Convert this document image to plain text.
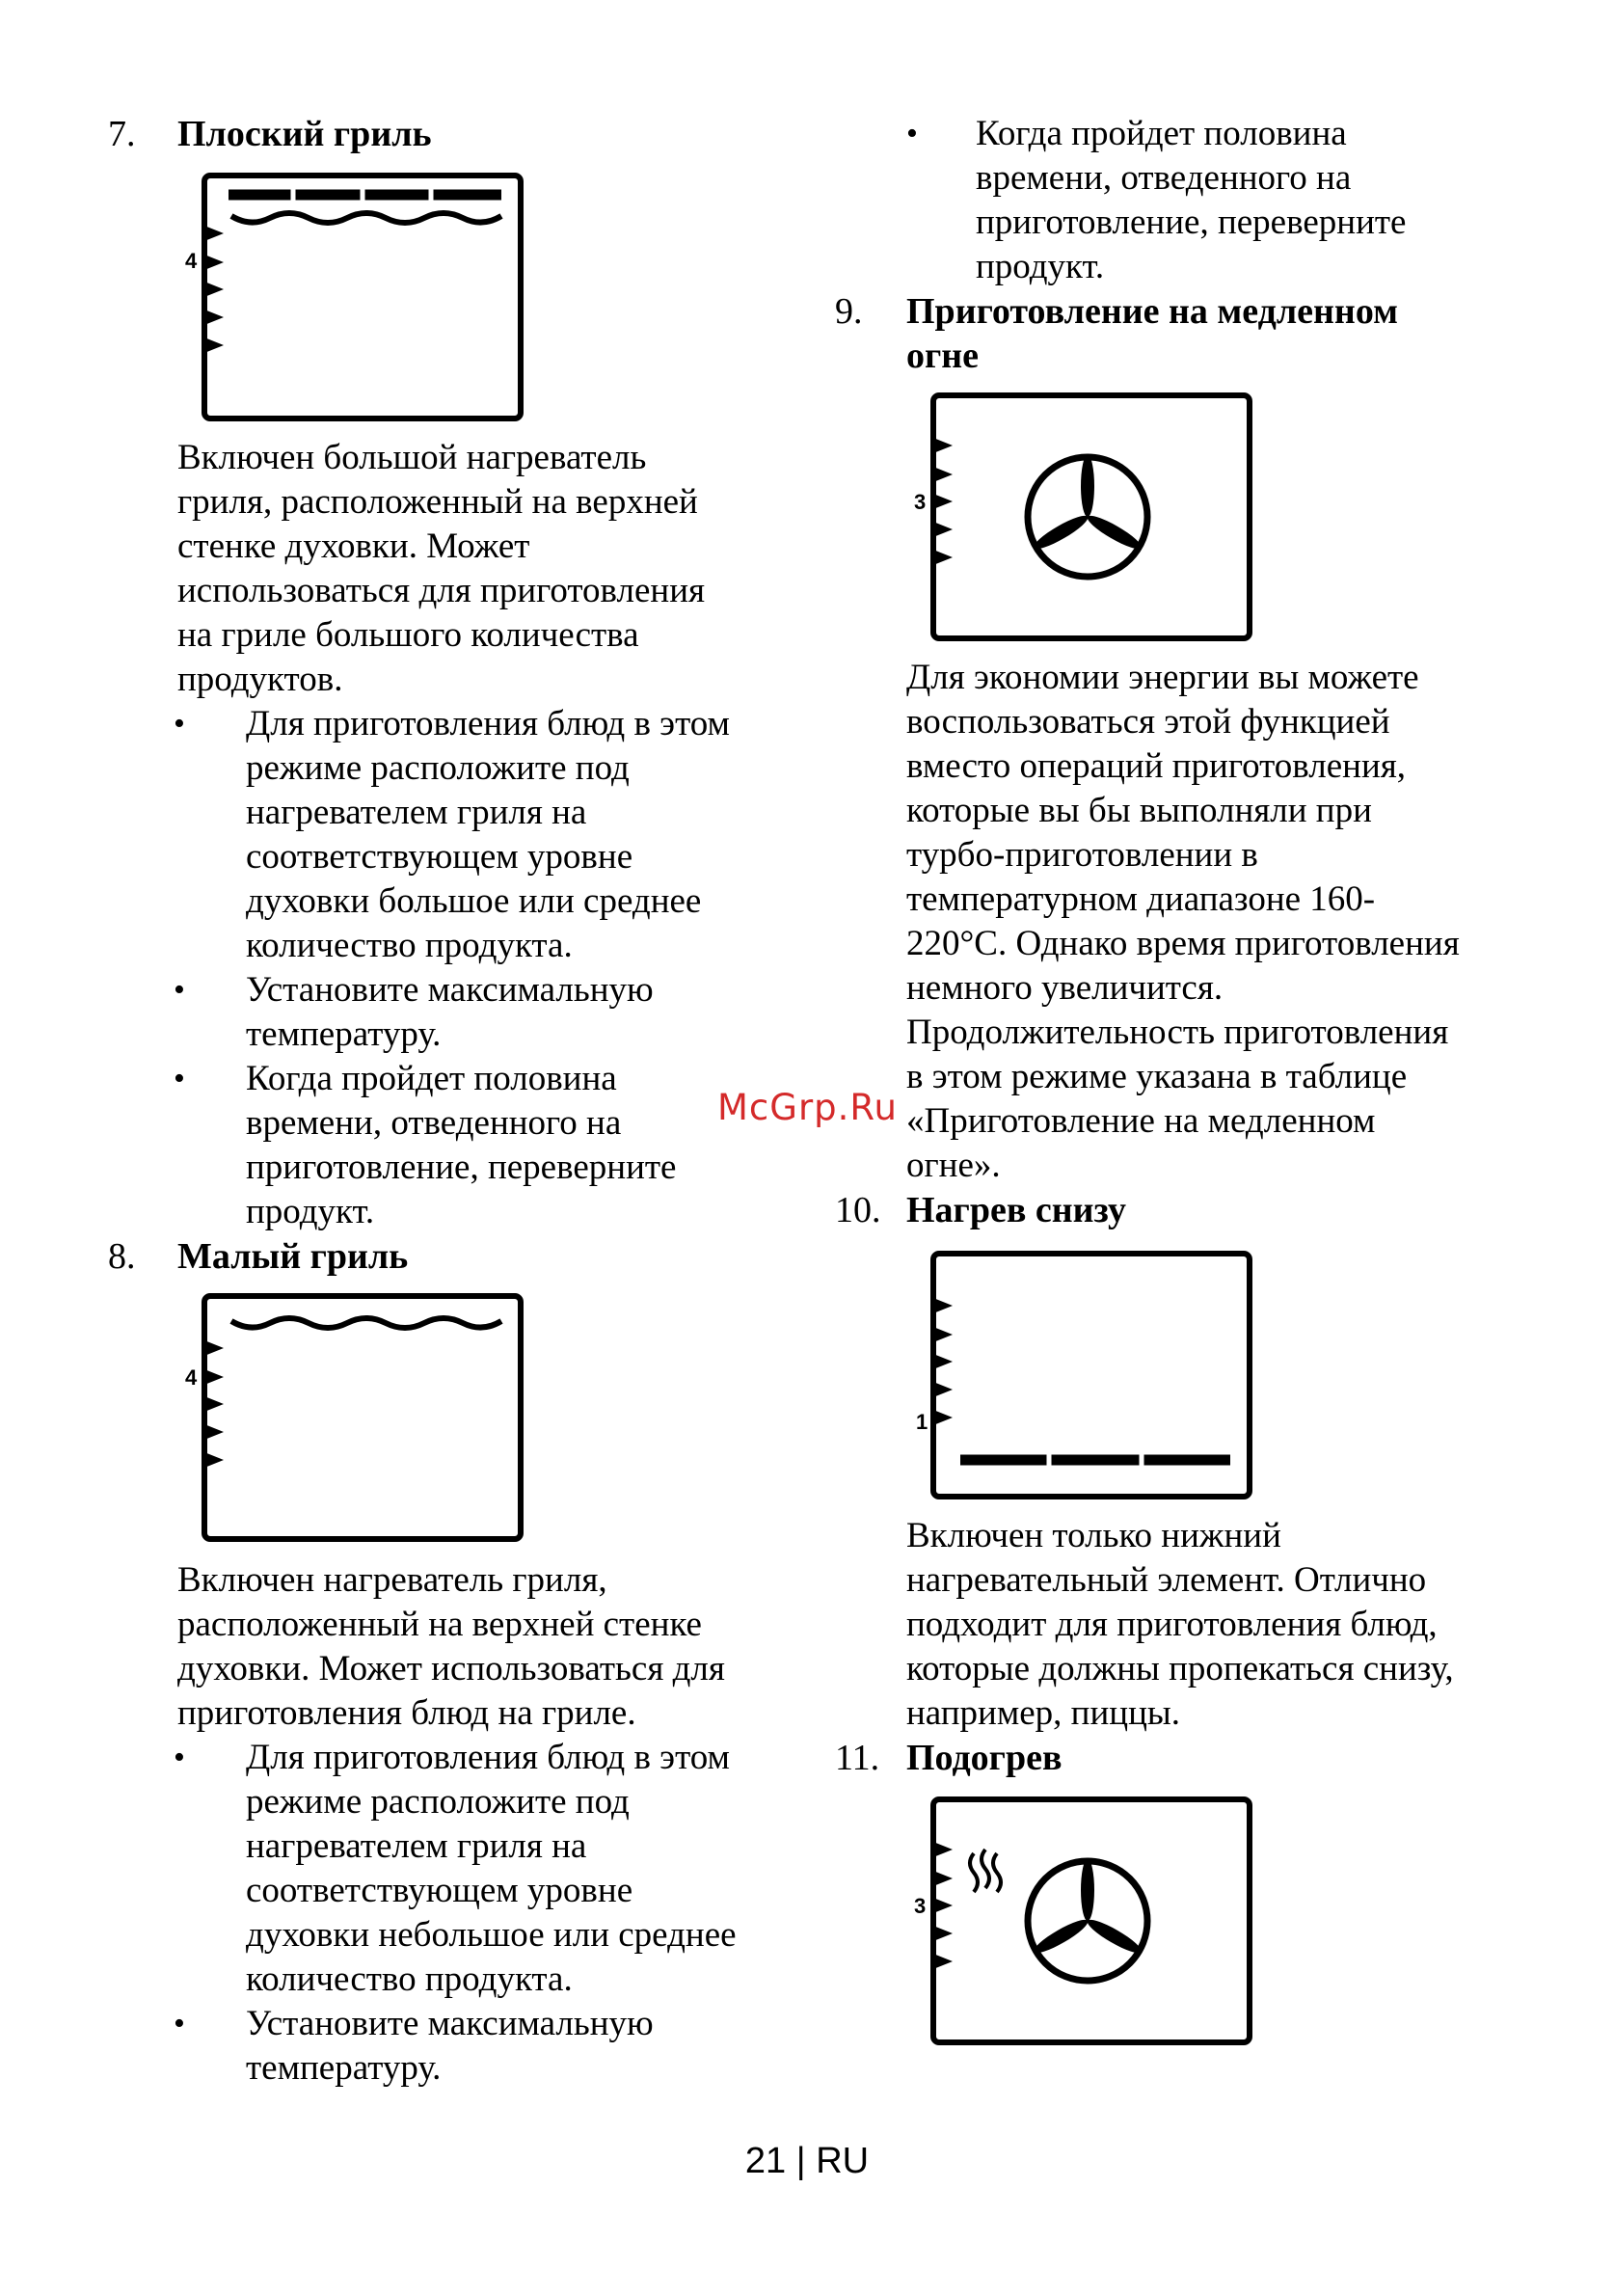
7. Плоский гриль
4
Включен большой нагреватель
гриля, расположенный на верхней
стенке духовки. Может
использоваться для приготовления
на гриле большого количества
продуктов.
• Для приготовления блюд в этом
режиме расположите под
нагревателем гриля на
соответствующем уровне
духовки большое или среднее
количество продукта.
• Установите максимальную
температуру.
• Когда пройдет половина
времени, отведенного на
приготовление, переверните
продукт.
8. Малый гриль
4
Включен нагреватель гриля,
расположенный на верхней стенке
духовки. Может использоваться для
приготовления блюд на гриле.
• Для приготовления блюд в этом
режиме расположите под
нагревателем гриля на
соответствующем уровне
духовки небольшое или среднее
количество продукта.
• Установите максимальную
температуру.
• Когда пройдет половина
времени, отведенного на
приготовление, переверните
продукт.
9. Приготовление на медленном
огне
3
Для экономии энергии вы можете
воспользоваться этой функцией
вместо операций приготовления,
которые вы бы выполняли при
турбо-приготовлении в
температурном диапазоне 160-
220°C. Однако время приготовления
немного увеличится.
Продолжительность приготовления
в этом режиме указана в таблице
«Приготовление на медленном
огне».
10. Нагрев снизу
1
Включен только нижний
нагревательный элемент. Отлично
подходит для приготовления блюд,
которые должны пропекаться снизу,
например, пиццы.
11. Подогрев
3
McGrp.Ru
21 | RU
